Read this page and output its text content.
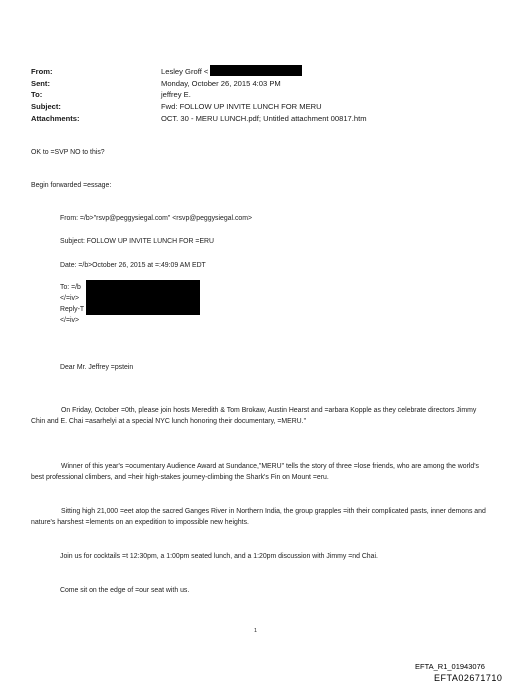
From:	Lesley Groff <
Sent:	Monday, October 26, 2015 4:03 PM
To:	jeffrey E.
Subject:	Fwd: FOLLOW UP INVITE LUNCH FOR MERU
Attachments:	OCT. 30 - MERU LUNCH.pdf; Untitled attachment 00817.htm
OK to =SVP NO to this?
Begin forwarded =essage:
From: =/b>"rsvp@peggysiegal.com" <rsvp@peggysiegal.com>
Subject: FOLLOW UP INVITE LUNCH FOR =ERU
Date: =/b>October 26, 2015 at =:49:09 AM EDT
To: =/b
</=iv>
Reply-T
</=iv>
Dear Mr. Jeffrey =pstein
On Friday, October =0th, please join hosts Meredith & Tom Brokaw, Austin Hearst and =arbara Kopple as they celebrate directors Jimmy Chin and E. Chai =asarhelyi at a special NYC lunch honoring their documentary, =MERU."
Winner of this year's =ocumentary Audience Award at Sundance,"MERU" tells the story of three =lose friends, who are among the world's best professional climbers, and =heir high-stakes journey-climbing the Shark's Fin on Mount =eru.
Sitting high 21,000 =eet atop the sacred Ganges River in Northern India, the group grapples =ith their complicated pasts, inner demons and nature's harshest =lements on an expedition to impossible new heights.
Join us for cocktails =t 12:30pm, a 1:00pm seated lunch, and a 1:20pm discussion with Jimmy =nd Chai.
Come sit on the edge of =our seat with us.
1
EFTA_R1_01943076
EFTA02671710
